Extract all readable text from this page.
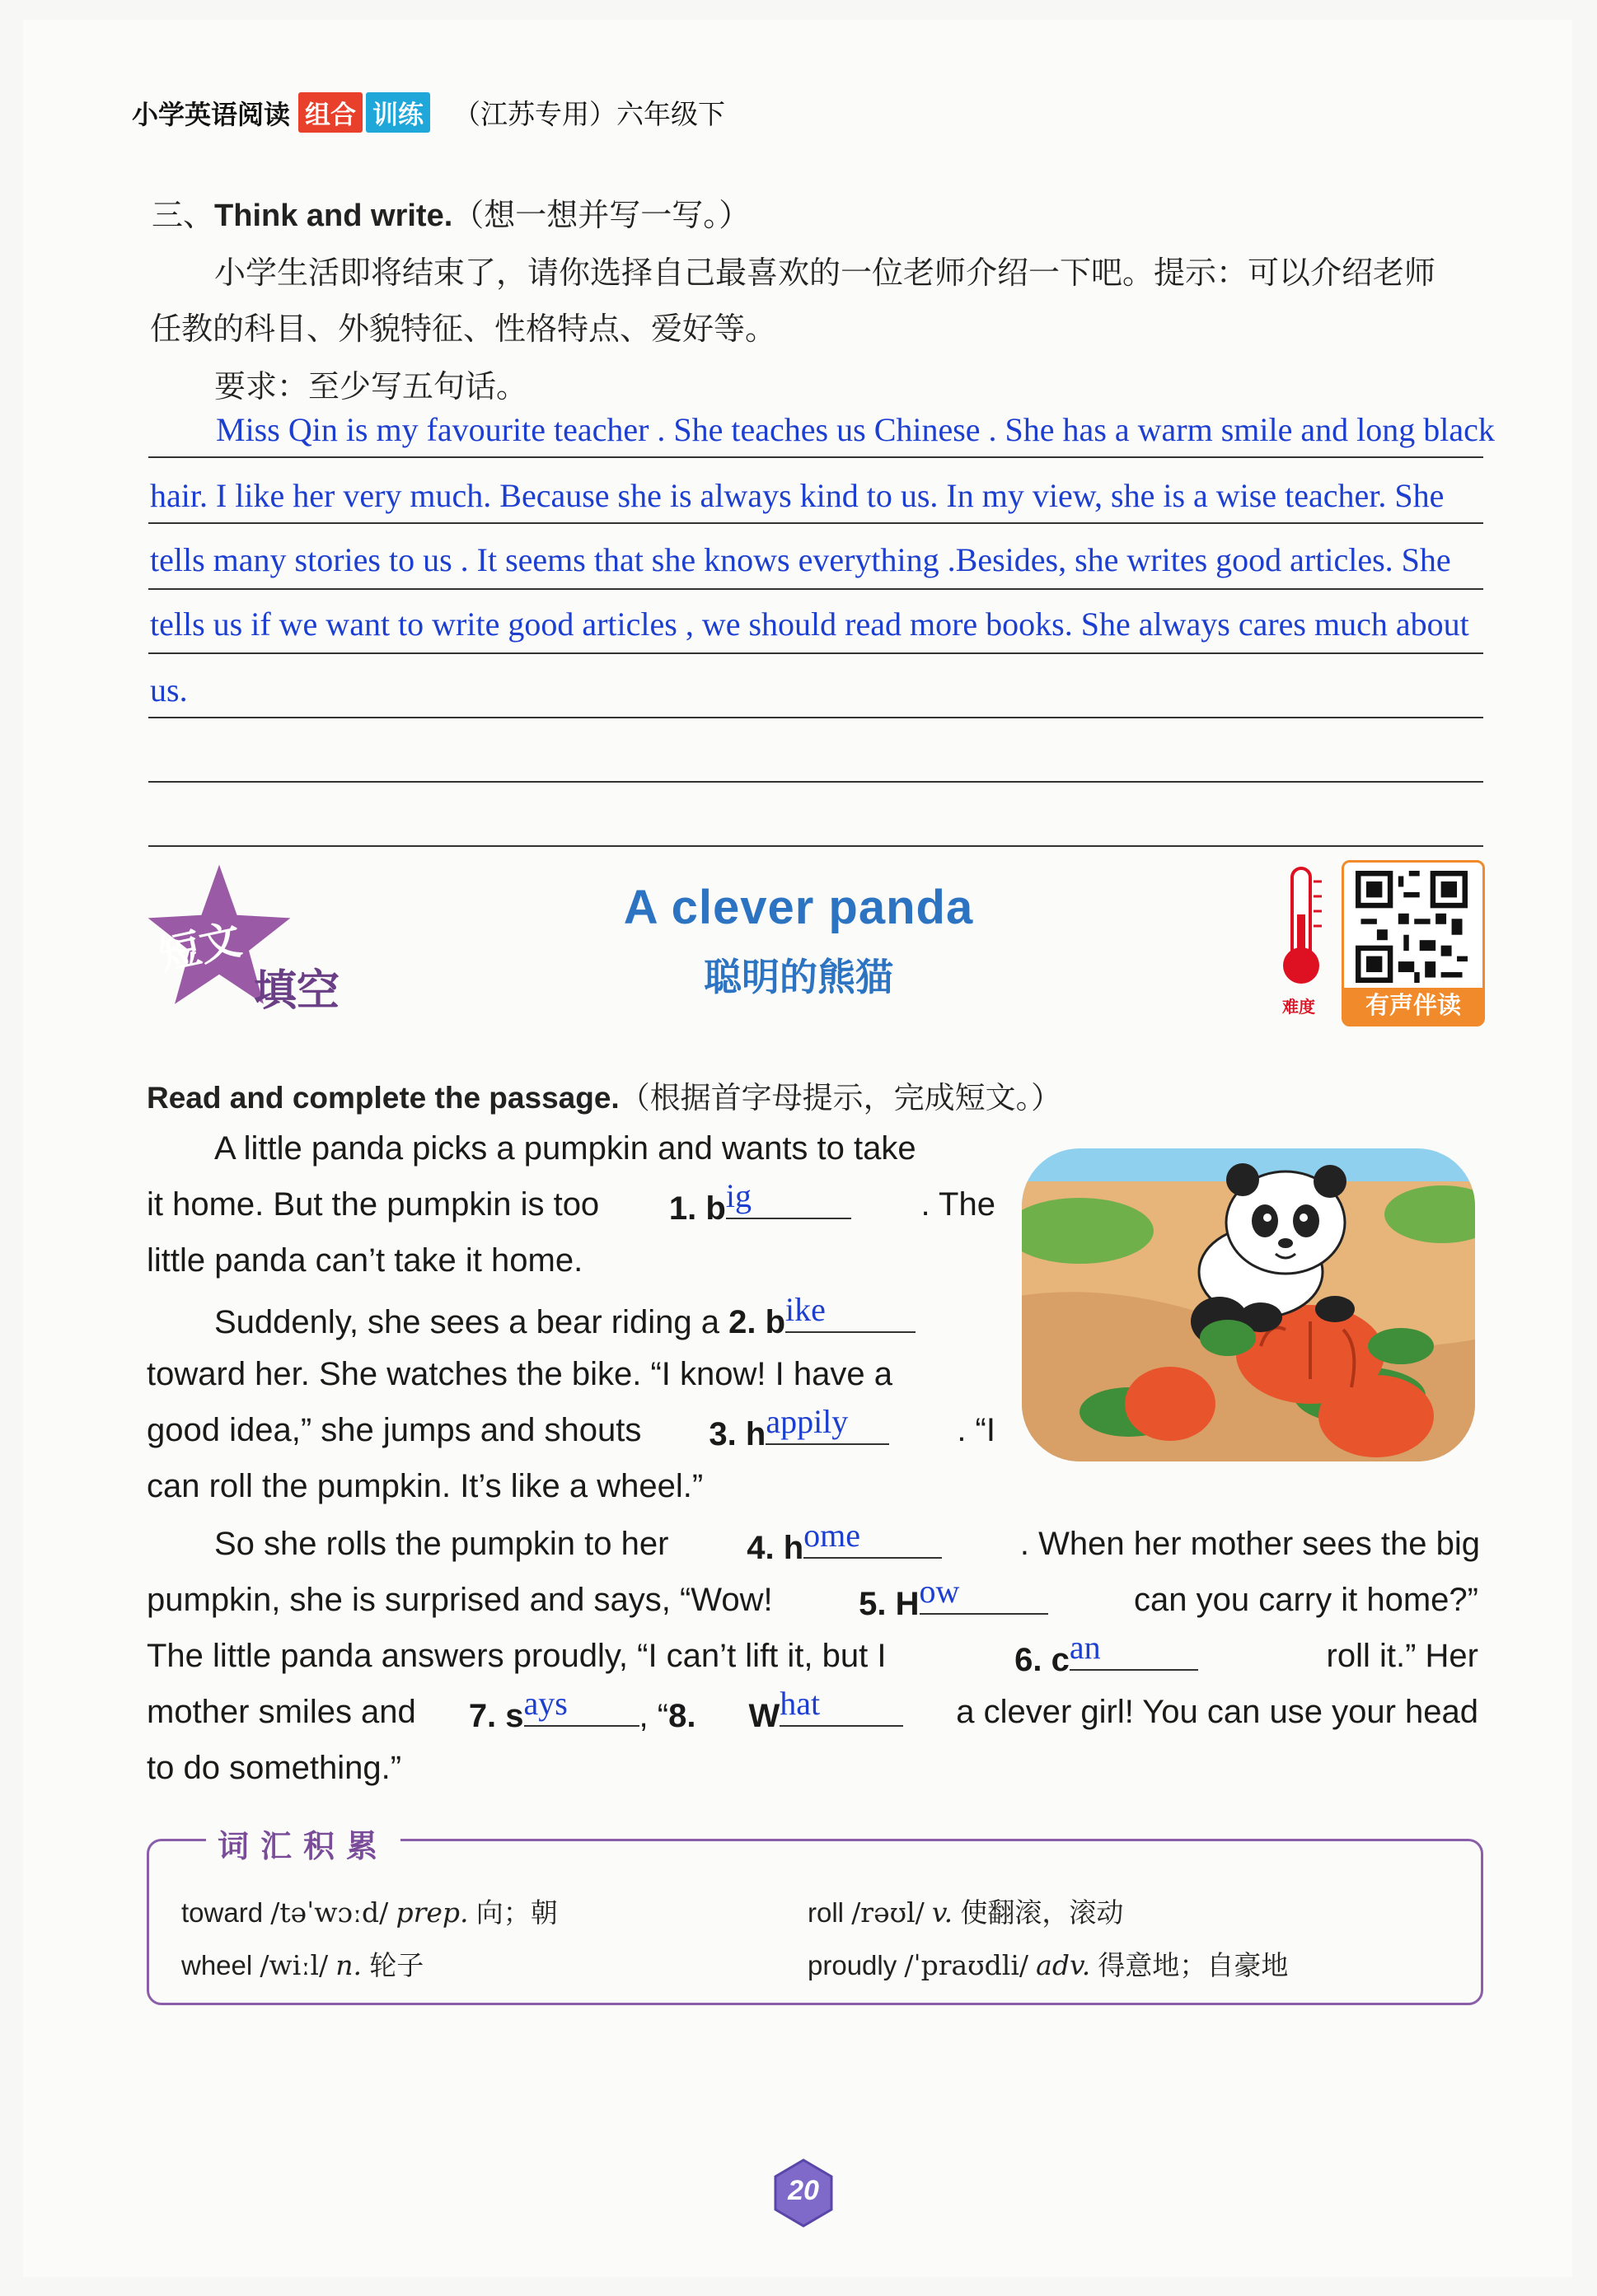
小学英语阅读 组合 训练 （江苏专用）六年级下
三、Think and write.（想一想并写一写。）
小学生活即将结束了，请你选择自己最喜欢的一位老师介绍一下吧。提示：可以介绍老师
任教的科目、外貌特征、性格特点、爱好等。
要求：至少写五句话。
Miss Qin is my favourite teacher . She teaches us Chinese . She has a warm smile and long black
hair. I like her very much. Because she is always kind to us. In my view, she is a wise teacher. She
tells many stories to us . It seems that she knows everything .Besides, she writes good articles. She
tells us if we want to write good articles , we should read more books. She always cares much about
us.
短文
填空
A clever panda
聪明的熊猫
难度	有声伴读
Read and complete the passage.（根据首字母提示，完成短文。）
A little panda picks a pumpkin and wants to take
it home. But the pumpkin is too 1. b ig	. The
little panda can’t take it home.
Suddenly, she sees a bear riding a 2. b ike
toward her. She watches the bike. “I know! I have a
good idea,” she jumps and shouts 3. h appily	. “I
can roll the pumpkin. It’s like a wheel.”
So she rolls the pumpkin to her 4. h ome	. When her mother sees the big
pumpkin, she is surprised and says, “Wow!	5. H ow	can you carry it home?”
The little panda answers proudly, “I can’t lift it, but I	6. c an	roll it.” Her
mother smiles and 7. s ays , “8. W hat	a clever girl! You can use your head
to do something.”
词汇积累
toward /təˈwɔːd/ prep. 向；朝	roll /rəʊl/ v. 使翻滚，滚动
wheel /wiːl/ n. 轮子	proudly /ˈpraʊdli/ adv. 得意地；自豪地
20
